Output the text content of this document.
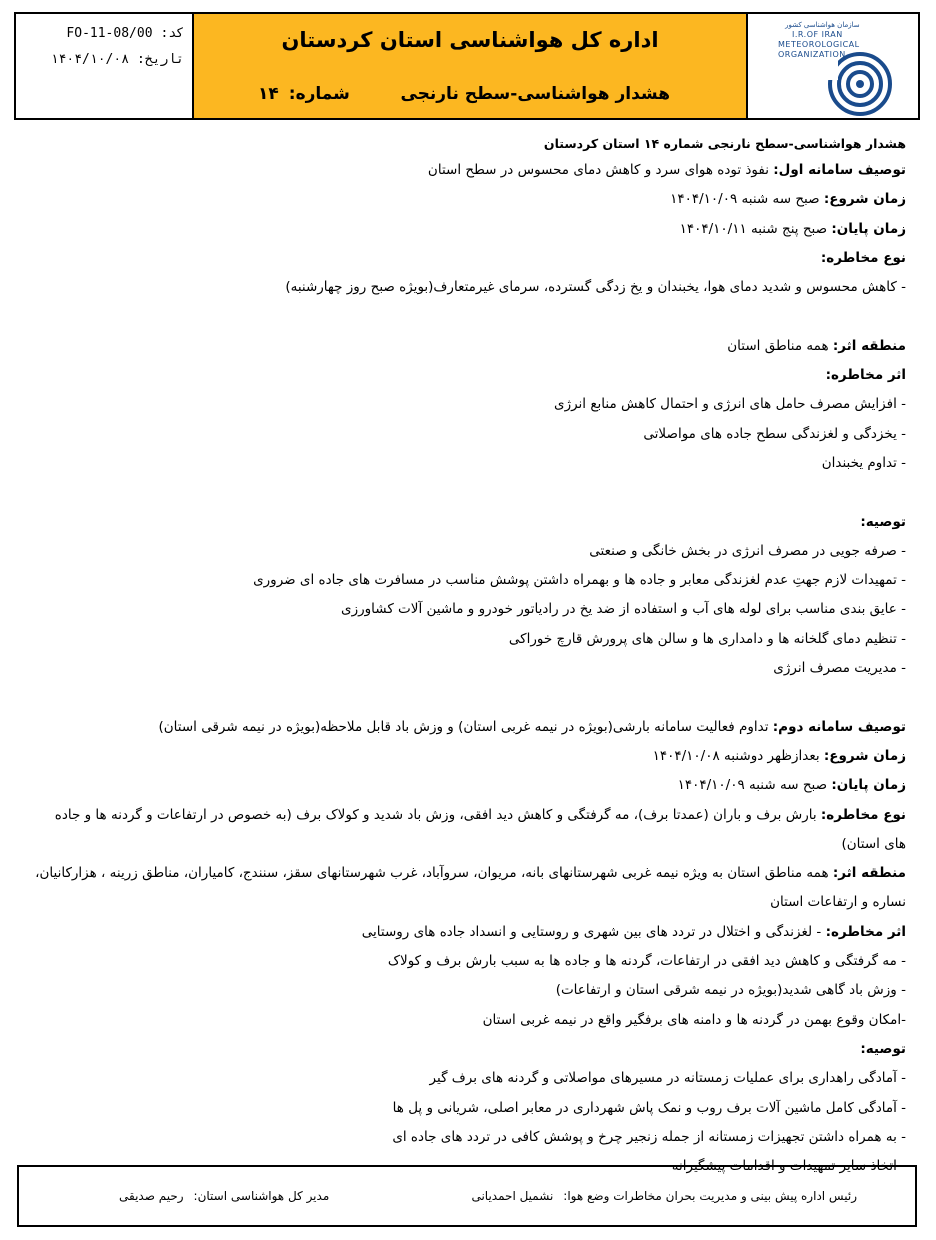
FO-11-08/00 کد:
۱۴۰۴/۱۰/۰۸ تاریخ:
اداره کل هواشناسی استان کردستان
هشدار هواشناسی-سطح نارنجی
شماره:
۱۴
سازمان هواشناسی کشور
I.R.OF IRAN
METEOROLOGICAL
ORGANIZATION
هشدار هواشناسی-سطح نارنجی شماره ۱۴ استان کردستان
توصیف سامانه اول: نفوذ توده هوای سرد و کاهش دمای محسوس در سطح استان
زمان شروع: صبح سه شنبه ۱۴۰۴/۱۰/۰۹
زمان پایان: صبح پنج شنبه ۱۴۰۴/۱۰/۱۱
نوع مخاطره:
- کاهش محسوس و شدید دمای هوا، یخبندان و یخ زدگی گسترده، سرمای غیرمتعارف(بویژه صبح روز چهارشنبه)
منطقه اثر: همه مناطق استان
اثر مخاطره:
- افزایش مصرف حامل های انرژی و احتمال کاهش منابع انرژی
- یخزدگی و لغزندگی سطح جاده های مواصلاتی
- تداوم یخبندان
توصیه:
- صرفه جویی در مصرف انرژی در بخش خانگی و صنعتی
- تمهیدات لازم جهتِ عدم لغزندگی معابر و جاده ها و بهمراه داشتن پوشش مناسب در مسافرت های جاده ای ضروری
- عایق بندی مناسب برای لوله های آب و استفاده از ضد یخ در رادیاتور خودرو و ماشین آلات کشاورزی
- تنظیم دمای گلخانه ها و دامداری ها و سالن های پرورش قارچ خوراکی
- مدیریت مصرف انرژی
توصیف سامانه دوم: تداوم فعالیت سامانه بارشی(بویژه در نیمه غربی استان) و وزش باد قابل ملاحظه(بویژه در نیمه شرقی استان)
زمان شروع: بعدازظهر دوشنبه ۱۴۰۴/۱۰/۰۸
زمان پایان: صبح سه شنبه ۱۴۰۴/۱۰/۰۹
نوع مخاطره: بارش برف و باران (عمدتا برف)، مه گرفتگی و کاهش دید افقی، وزش باد شدید و کولاک برف (به خصوص در ارتفاعات و گردنه ها و جاده های استان)
منطقه اثر: همه مناطق استان به ویژه نیمه غربی شهرستانهای بانه، مریوان، سروآباد، غرب شهرستانهای سقز، سنندج، کامیاران، مناطق زرینه ، هزارکانیان، نساره و ارتفاعات استان
اثر مخاطره: - لغزندگی و اختلال در تردد های بین شهری و روستایی و انسداد جاده های روستایی
- مه گرفتگی و کاهش دید افقی در ارتفاعات، گردنه ها و جاده ها به سبب بارش برف و کولاک
- وزش باد گاهی شدید(بویژه در نیمه شرقی استان و ارتفاعات)
-امکان وقوع بهمن در گردنه ها و دامنه های برفگیر واقع در نیمه غربی استان
توصیه:
- آمادگی راهداری برای عملیات زمستانه در مسیرهای مواصلاتی و گردنه های برف گیر
- آمادگی کامل ماشین آلات برف روب و نمک پاش شهرداری در معابر اصلی، شریانی و پل ها
- به همراه داشتن تجهیزات زمستانه از جمله زنجیر چرخ و پوشش کافی در تردد های جاده ای
- اتخاذ سایر تمهیدات و اقدامات پیشگیرانه
رئیس اداره پیش بینی و مدیریت بحران مخاطرات وضع هوا:
نشمیل احمدیانی
مدیر کل هواشناسی استان:
رحیم صدیقی
